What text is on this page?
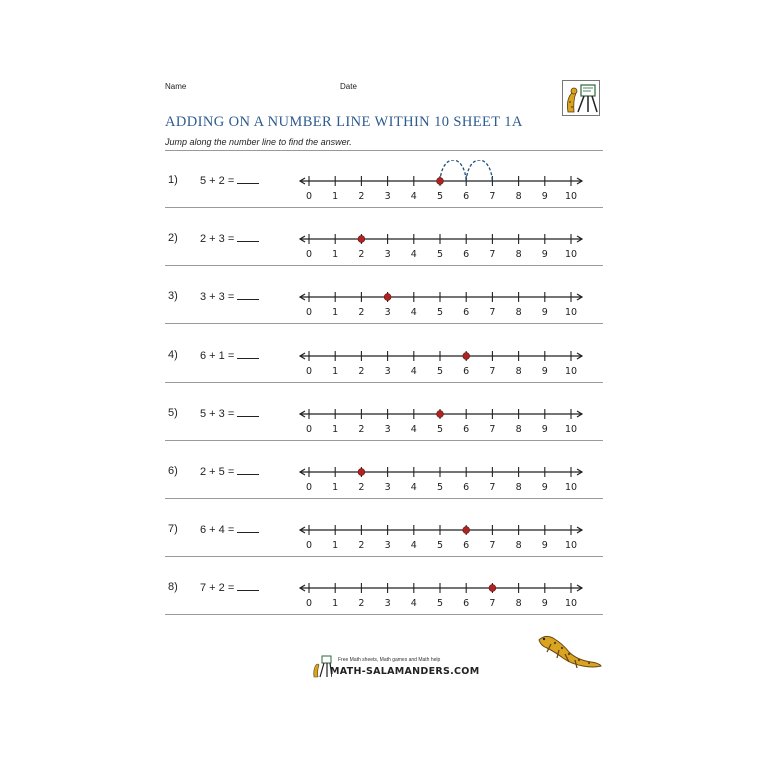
Name	Date
ADDING ON A NUMBER LINE WITHIN 10 SHEET 1A
Jump along the number line to find the answer.
1) 5 + 2 =
0 1 2 3 4 5 6 7 8 9 10
2) 2 + 3 =
0 1 2 3 4 5 6 7 8 9 10
3) 3 + 3 =
0 1 2 3 4 5 6 7 8 9 10
4) 6 + 1 =
0 1 2 3 4 5 6 7 8 9 10
5) 5 + 3 =
0 1 2 3 4 5 6 7 8 9 10
6) 2 + 5 =
0 1 2 3 4 5 6 7 8 9 10
7) 6 + 4 =
0 1 2 3 4 5 6 7 8 9 10
8) 7 + 2 =
0 1 2 3 4 5 6 7 8 9 10
Free Math sheets, Math games and Math help
MATH-SALAMANDERS.COM
